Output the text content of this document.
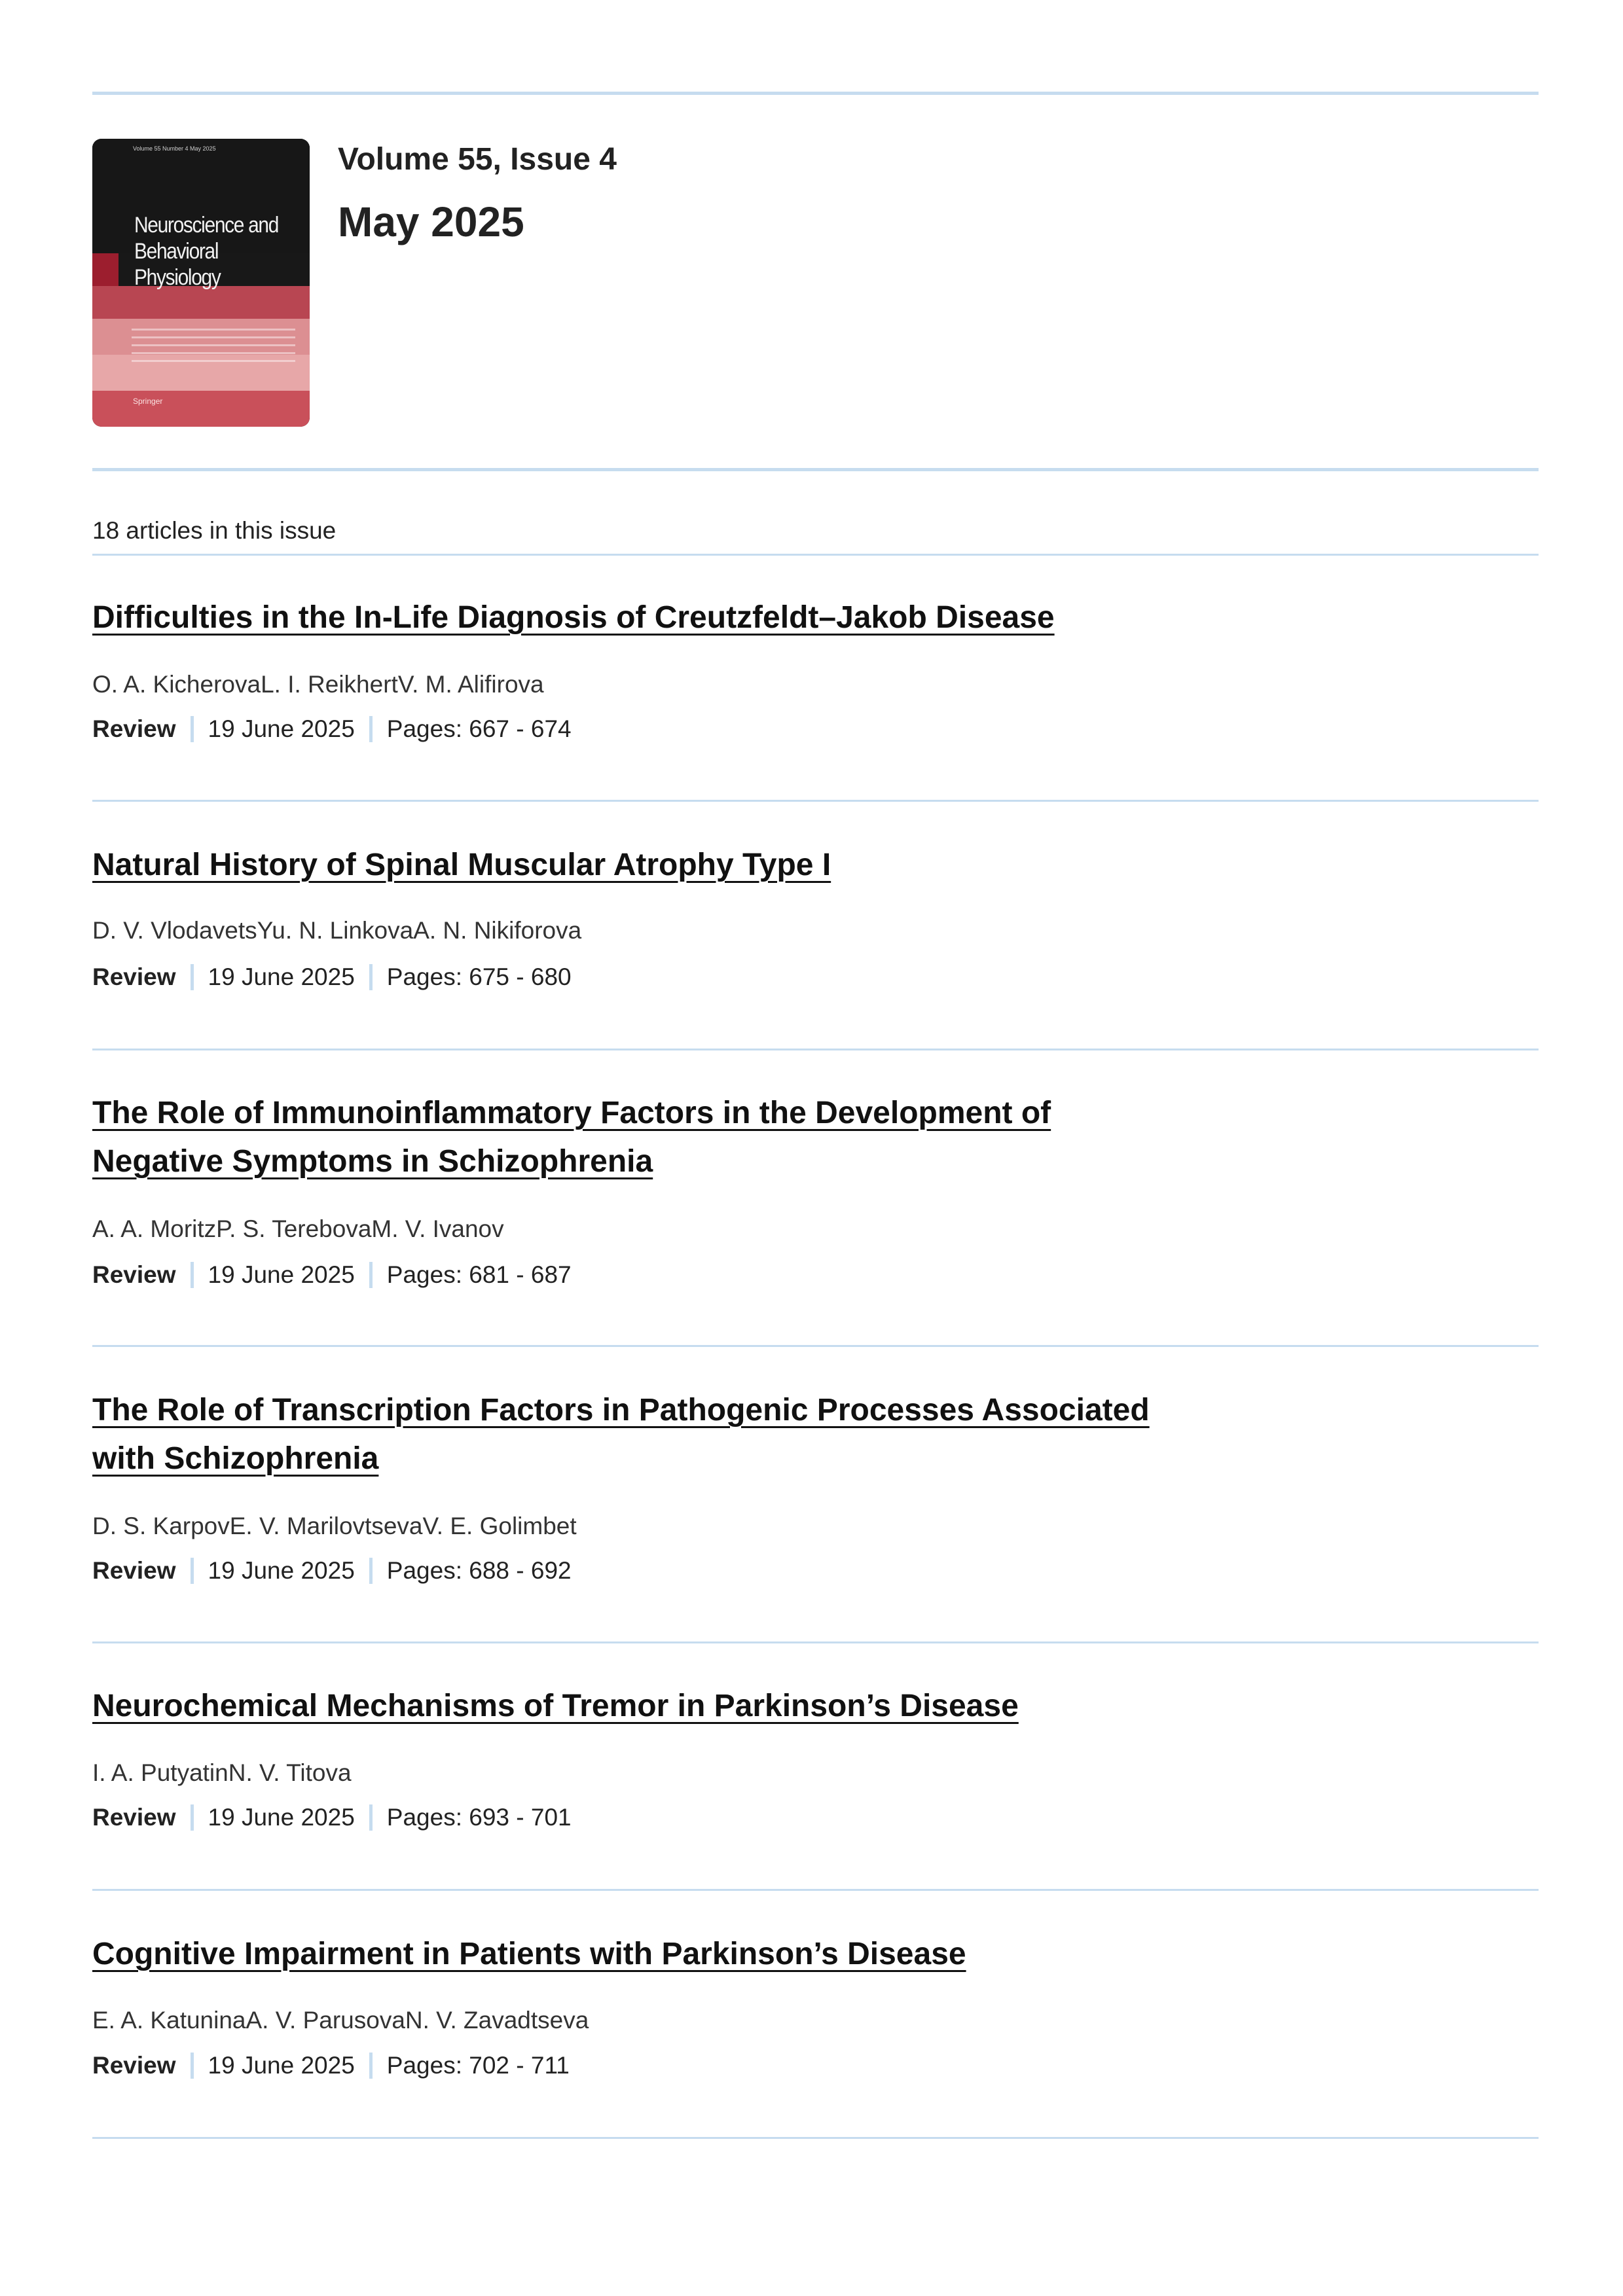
Volume 55 Number 4 May 2025
Neuroscience and Behavioral Physiology
Springer
Volume 55, Issue 4
May 2025
18 articles in this issue
Difficulties in the In-Life Diagnosis of Creutzfeldt–Jakob Disease
O. A. KicherovaL. I. ReikhertV. M. Alifirova
Review 19 June 2025 Pages: 667 - 674
Natural History of Spinal Muscular Atrophy Type I
D. V. VlodavetsYu. N. LinkovaA. N. Nikiforova
Review 19 June 2025 Pages: 675 - 680
The Role of Immunoinflammatory Factors in the Development of
Negative Symptoms in Schizophrenia
A. A. MoritzP. S. TerebovaM. V. Ivanov
Review 19 June 2025 Pages: 681 - 687
The Role of Transcription Factors in Pathogenic Processes Associated
with Schizophrenia
D. S. KarpovE. V. MarilovtsevaV. E. Golimbet
Review 19 June 2025 Pages: 688 - 692
Neurochemical Mechanisms of Tremor in Parkinson’s Disease
I. A. PutyatinN. V. Titova
Review 19 June 2025 Pages: 693 - 701
Cognitive Impairment in Patients with Parkinson’s Disease
E. A. KatuninaA. V. ParusovaN. V. Zavadtseva
Review 19 June 2025 Pages: 702 - 711
